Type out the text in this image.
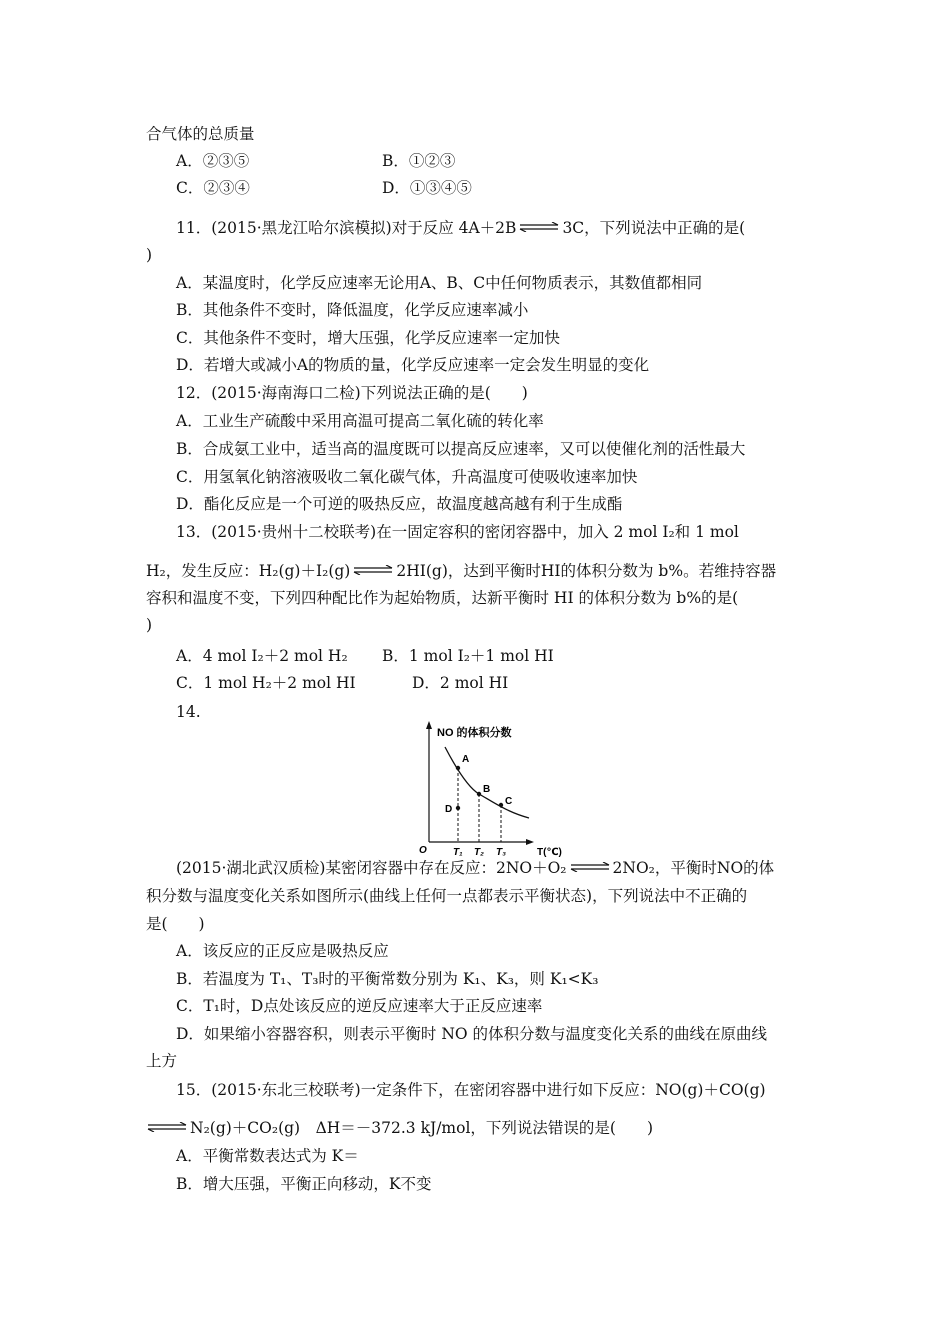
合气体的总质量
A．②③⑤	B．①②③
C．②③④	D．①③④⑤
11．(2015·黑龙江哈尔滨模拟)对于反应 4A＋2B ⇌ 3C，下列说法中正确的是(
)
A．某温度时，化学反应速率无论用A、B、C中任何物质表示，其数值都相同
B．其他条件不变时，降低温度，化学反应速率减小
C．其他条件不变时，增大压强，化学反应速率一定加快
D．若增大或减小A的物质的量，化学反应速率一定会发生明显的变化
12．(2015·海南海口二检)下列说法正确的是(　　)
A．工业生产硫酸中采用高温可提高二氧化硫的转化率
B．合成氨工业中，适当高的温度既可以提高反应速率，又可以使催化剂的活性最大
C．用氢氧化钠溶液吸收二氧化碳气体，升高温度可使吸收速率加快
D．酯化反应是一个可逆的吸热反应，故温度越高越有利于生成酯
13．(2015·贵州十二校联考)在一固定容积的密闭容器中，加入 2 mol I₂和 1 mol
H₂，发生反应：H₂(g)＋I₂(g) ⇌ 2HI(g)，达到平衡时HI的体积分数为 b%。若维持容器
容积和温度不变，下列四种配比作为起始物质，达新平衡时 HI 的体积分数为 b%的是(
)
A．4 mol I₂＋2 mol H₂ B．1 mol I₂＋1 mol HI
C．1 mol H₂＋2 mol HI	D．2 mol HI
14.
NO 的体积分数
A
B
C
D
O	T₁ T₂ T₃	T(℃)
(2015·湖北武汉质检)某密闭容器中存在反应：2NO＋O₂ ⇌ 2NO₂，平衡时NO的体
积分数与温度变化关系如图所示(曲线上任何一点都表示平衡状态)，下列说法中不正确的
是(　　)
A．该反应的正反应是吸热反应
B．若温度为 T₁、T₃时的平衡常数分别为 K₁、K₃，则 K₁<K₃
C．T₁时，D点处该反应的逆反应速率大于正反应速率
D．如果缩小容器容积，则表示平衡时 NO 的体积分数与温度变化关系的曲线在原曲线
上方
15．(2015·东北三校联考)一定条件下，在密闭容器中进行如下反应：NO(g)＋CO(g)
⇌ N₂(g)＋CO₂(g)　ΔH＝－372.3 kJ/mol，下列说法错误的是(　　)
A．平衡常数表达式为 K＝
B．增大压强，平衡正向移动，K不变
